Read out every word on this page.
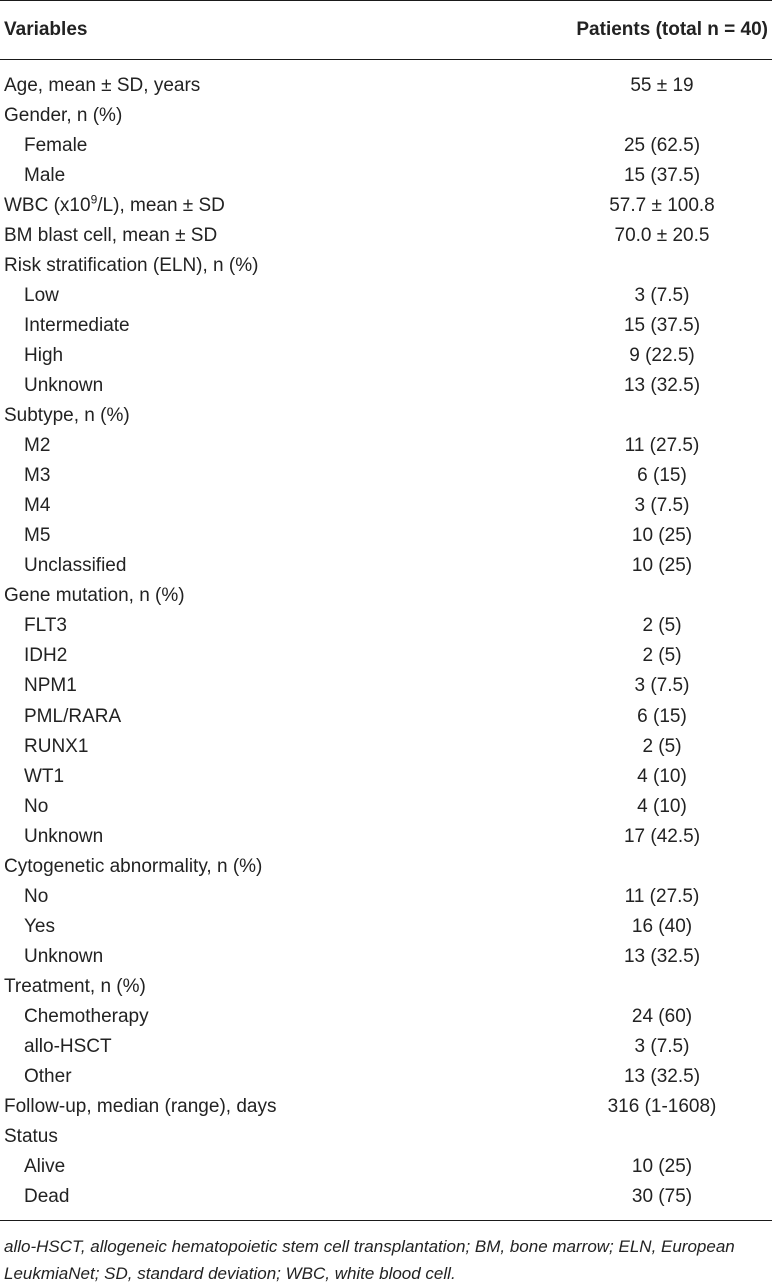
Variables	Patients (total n = 40)
Age, mean ± SD, years	55 ± 19
Gender, n (%)
Female	25 (62.5)
Male	15 (37.5)
WBC $(x10^9/L)$, mean ± SD	57.7 ± 100.8
BM blast cell, mean ± SD	70.0 ± 20.5
Risk stratification (ELN), n (%)
Low	3 (7.5)
Intermediate	15 (37.5)
High	9 (22.5)
Unknown	13 (32.5)
Subtype, n (%)
M2	11 (27.5)
M3	6 (15)
M4	3 (7.5)
M5	10 (25)
Unclassified	10 (25)
Gene mutation, n (%)
FLT3	2 (5)
IDH2	2 (5)
NPM1	3 (7.5)
PML/RARA	6 (15)
RUNX1	2 (5)
WT1	4 (10)
No	4 (10)
Unknown	17 (42.5)
Cytogenetic abnormality, n (%)
No	11 (27.5)
Yes	16 (40)
Unknown	13 (32.5)
Treatment, n (%)
Chemotherapy	24 (60)
allo-HSCT	3 (7.5)
Other	13 (32.5)
Follow-up, median (range), days	316 (1-1608)
Status
Alive	10 (25)
Dead	30 (75)
allo-HSCT, allogeneic hematopoietic stem cell transplantation; BM, bone marrow; ELN, European LeukmiaNet; SD, standard deviation; WBC, white blood cell.
